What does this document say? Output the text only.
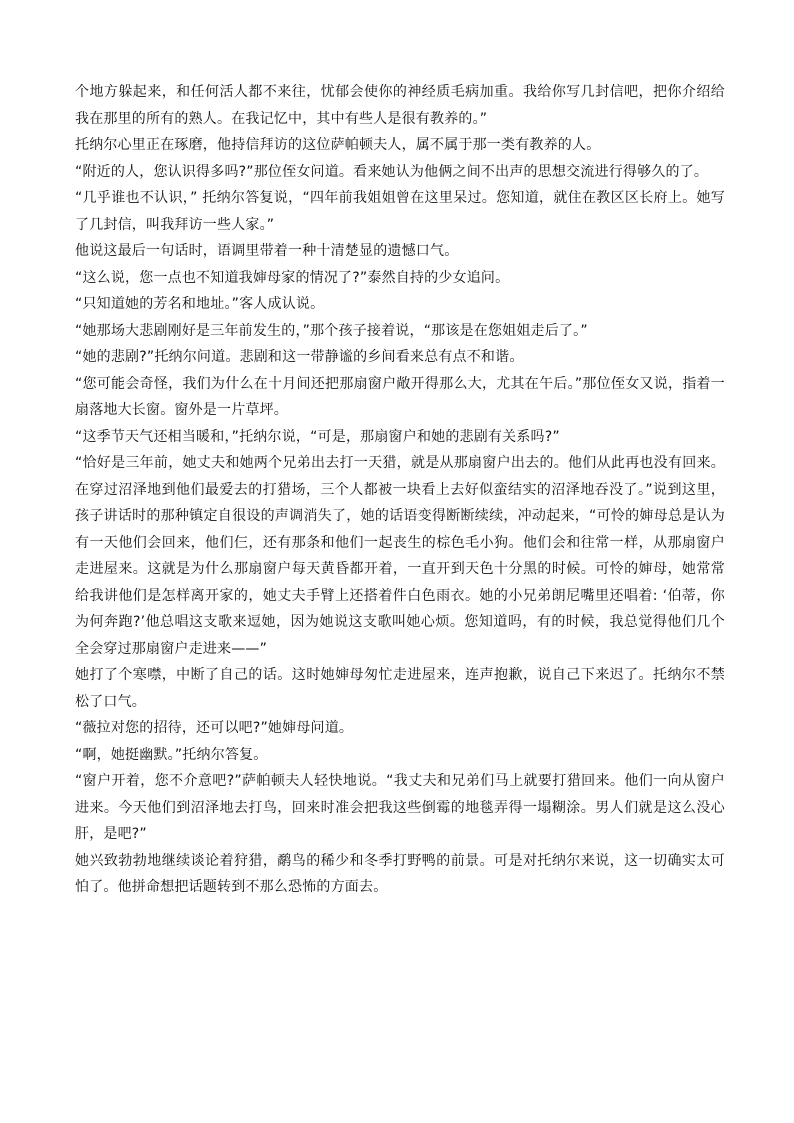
个地方躲起来，和任何活人都不来往，忧郁会使你的神经质毛病加重。我给你写几封信吧，把你介绍给我在那里的所有的熟人。在我记忆中，其中有些人是很有教养的。”

托纳尔心里正在琢磨，他持信拜访的这位萨帕顿夫人，属不属于那一类有教养的人。

“附近的人，您认识得多吗?”那位侄女问道。看来她认为他俩之间不出声的思想交流进行得够久的了。

“几乎谁也不认识，” 托纳尔答复说，“四年前我姐姐曾在这里呆过。您知道，就住在教区区长府上。她写了几封信，叫我拜访一些人家。”

他说这最后一句话时，语调里带着一种十清楚显的遗憾口气。

“这么说，您一点也不知道我婶母家的情况了?”泰然自持的少女追问。

“只知道她的芳名和地址。”客人成认说。

“她那场大悲剧刚好是三年前发生的，”那个孩子接着说，“那该是在您姐姐走后了。”

“她的悲剧?”托纳尔问道。悲剧和这一带静谧的乡间看来总有点不和谐。

“您可能会奇怪，我们为什么在十月间还把那扇窗户敞开得那么大，尤其在午后。”那位侄女又说，指着一扇落地大长窗。窗外是一片草坪。

“这季节天气还相当暖和，”托纳尔说，“可是，那扇窗户和她的悲剧有关系吗?”

“恰好是三年前，她丈夫和她两个兄弟出去打一天猎，就是从那扇窗户出去的。他们从此再也没有回来。在穿过沼泽地到他们最爱去的打猎场，三个人都被一块看上去好似蛮结实的沼泽地吞没了。”说到这里，孩子讲话时的那种镇定自很设的声调消失了，她的话语变得断断续续，冲动起来，“可怜的婶母总是认为有一天他们会回来，他们仨，还有那条和他们一起丧生的棕色毛小狗。他们会和往常一样，从那扇窗户走进屋来。这就是为什么那扇窗户每天黄昏都开着，一直开到天色十分黑的时候。可怜的婶母，她常常给我讲他们是怎样离开家的，她丈夫手臂上还搭着件白色雨衣。她的小兄弟朗尼嘴里还唱着: ‘伯蒂，你为何奔跑?’他总唱这支歌来逗她，因为她说这支歌叫她心烦。您知道吗，有的时候，我总觉得他们几个全会穿过那扇窗户走进来——”

她打了个寒噤，中断了自己的话。这时她婶母匆忙走进屋来，连声抱歉，说自己下来迟了。托纳尔不禁松了口气。

“薇拉对您的招待，还可以吧?”她婶母问道。

“啊，她挺幽默。”托纳尔答复。

“窗户开着，您不介意吧?”萨帕顿夫人轻快地说。“我丈夫和兄弟们马上就要打猎回来。他们一向从窗户进来。今天他们到沼泽地去打鸟，回来时准会把我这些倒霉的地毯弄得一塌糊涂。男人们就是这么没心肝，是吧?”

她兴致勃勃地继续谈论着狩猎，鹬鸟的稀少和冬季打野鸭的前景。可是对托纳尔来说，这一切确实太可怕了。他拼命想把话题转到不那么恐怖的方面去。
